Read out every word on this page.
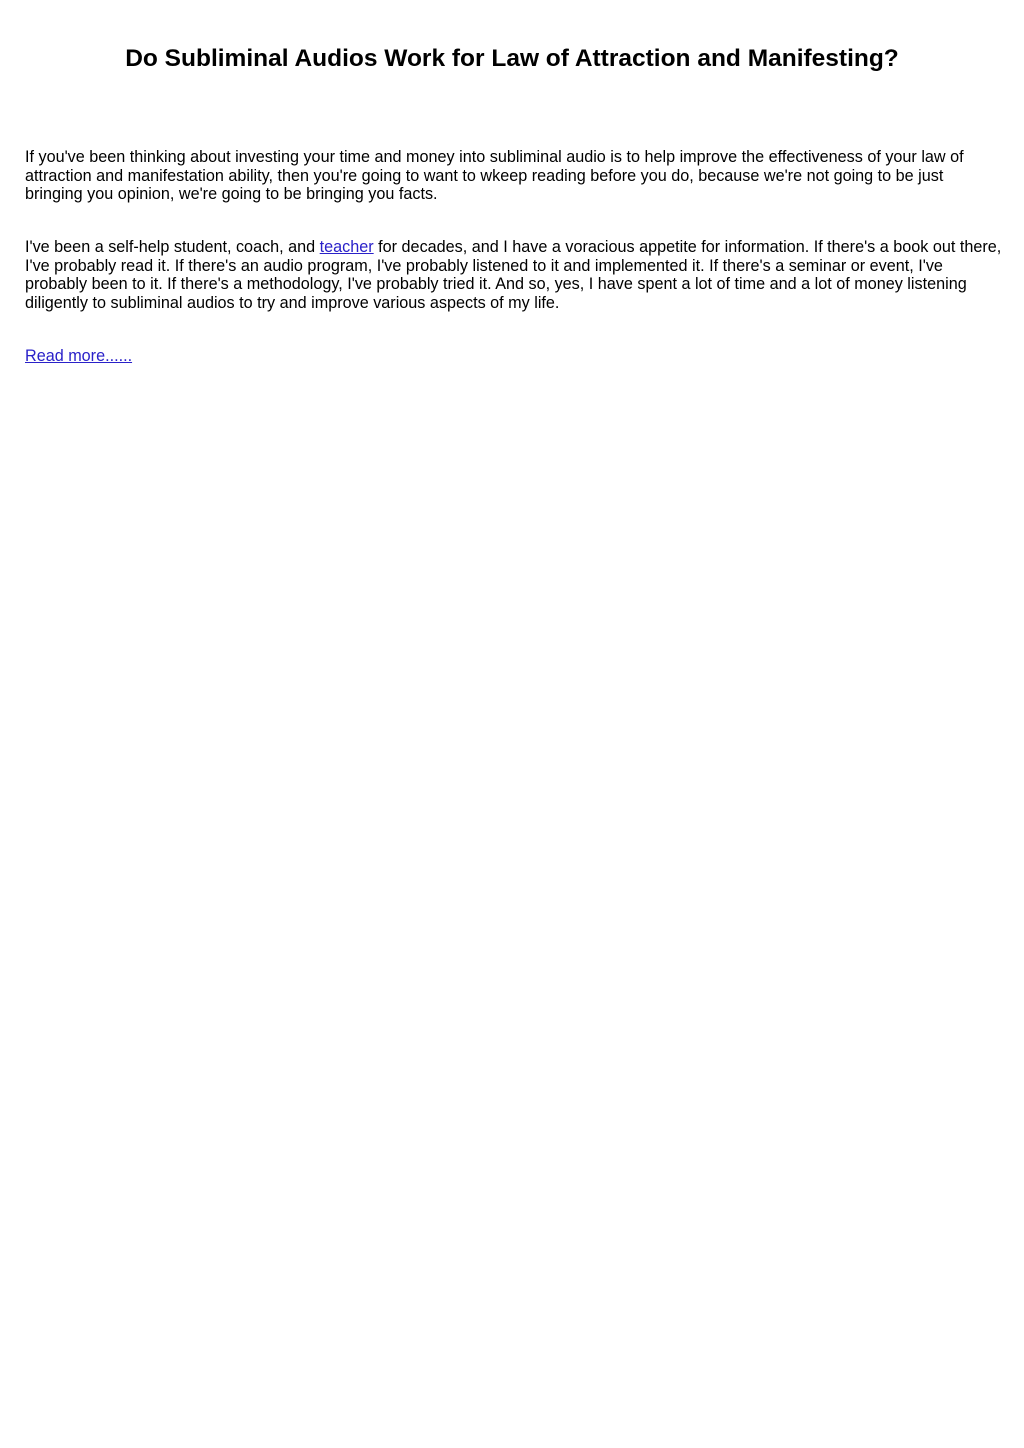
Do Subliminal Audios Work for Law of Attraction and Manifesting?

If you've been thinking about investing your time and money into subliminal audio is to help improve the effectiveness of your law of attraction and manifestation ability, then you're going to want to wkeep reading before you do, because we're not going to be just bringing you opinion, we're going to be bringing you facts.

I've been a self-help student, coach, and teacher for decades, and I have a voracious appetite for information. If there's a book out there, I've probably read it. If there's an audio program, I've probably listened to it and implemented it. If there's a seminar or event, I've probably been to it. If there's a methodology, I've probably tried it. And so, yes, I have spent a lot of time and a lot of money listening diligently to subliminal audios to try and improve various aspects of my life.

Read more......
